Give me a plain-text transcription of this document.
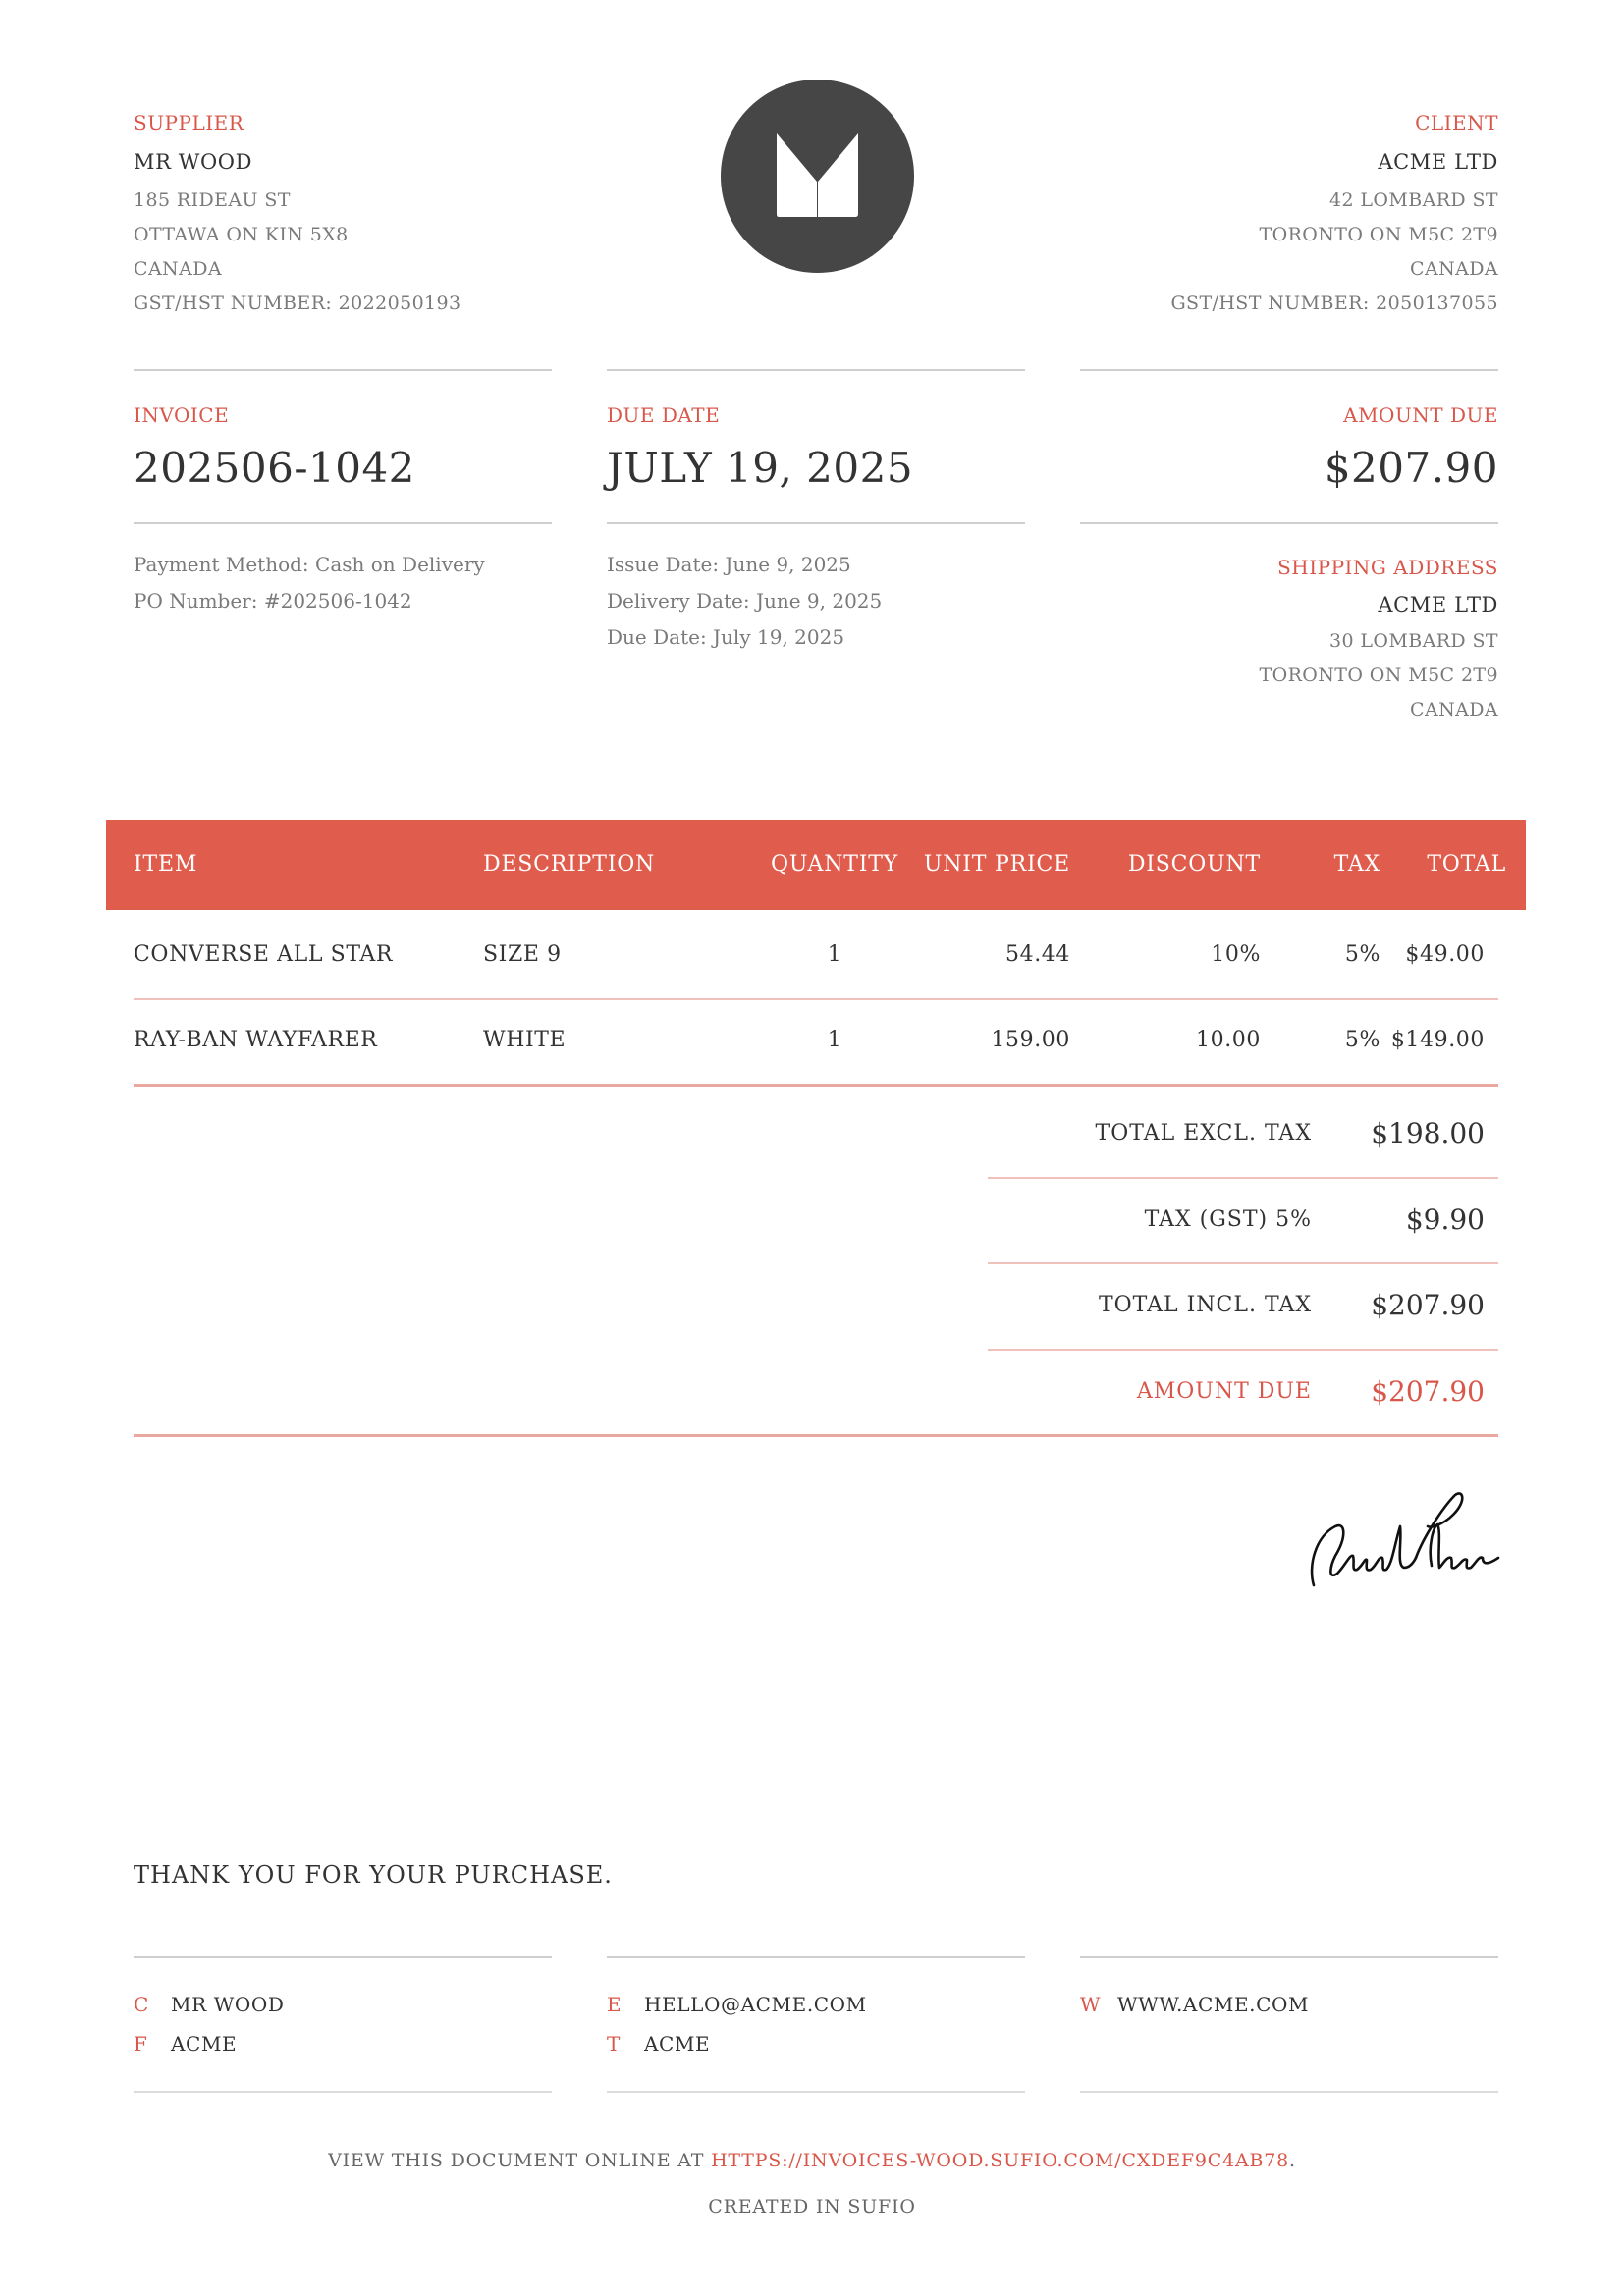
SUPPLIER
MR WOOD
185 RIDEAU ST
OTTAWA ON KIN 5X8
CANADA
GST/HST NUMBER: 2022050193
CLIENT
ACME LTD
42 LOMBARD ST
TORONTO ON M5C 2T9
CANADA
GST/HST NUMBER: 2050137055
INVOICE
202506-1042
DUE DATE
JULY 19, 2025
AMOUNT DUE
$207.90
Payment Method: Cash on Delivery
PO Number: #202506-1042
Issue Date: June 9, 2025
Delivery Date: June 9, 2025
Due Date: July 19, 2025
SHIPPING ADDRESS
ACME LTD
30 LOMBARD ST
TORONTO ON M5C 2T9
CANADA
ITEM	DESCRIPTION	QUANTITY	UNIT PRICE	DISCOUNT	TAX	TOTAL
CONVERSE ALL STAR	SIZE 9	1	54.44	10%	5%	$49.00
RAY-BAN WAYFARER	WHITE	1	159.00	10.00	5% $149.00
TOTAL EXCL. TAX $198.00
TAX (GST) 5%	$9.90
TOTAL INCL. TAX $207.90
AMOUNT DUE $207.90
THANK YOU FOR YOUR PURCHASE.
C MR WOOD
F ACME
E HELLO@ACME.COM
T ACME
W WWW.ACME.COM
VIEW THIS DOCUMENT ONLINE AT HTTPS://INVOICES-WOOD.SUFIO.COM/CXDEF9C4AB78.
CREATED IN SUFIO
